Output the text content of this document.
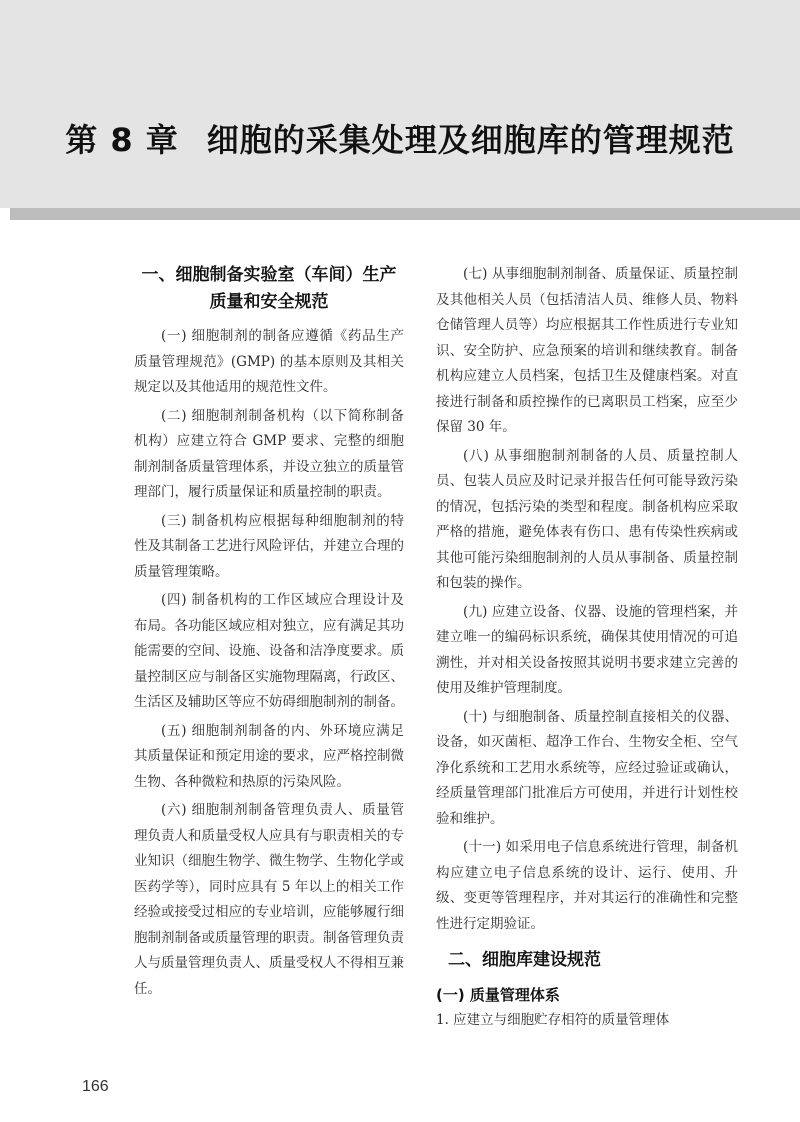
第 8 章 细胞的采集处理及细胞库的管理规范
一、细胞制备实验室（车间）生产质量和安全规范

(一) 细胞制剂的制备应遵循《药品生产质量管理规范》(GMP) 的基本原则及其相关规定以及其他适用的规范性文件。

(二) 细胞制剂制备机构（以下简称制备机构）应建立符合 GMP 要求、完整的细胞制剂制备质量管理体系，并设立独立的质量管理部门，履行质量保证和质量控制的职责。

(三) 制备机构应根据每种细胞制剂的特性及其制备工艺进行风险评估，并建立合理的质量管理策略。

(四) 制备机构的工作区域应合理设计及布局。各功能区域应相对独立，应有满足其功能需要的空间、设施、设备和洁净度要求。质量控制区应与制备区实施物理隔离，行政区、生活区及辅助区等应不妨碍细胞制剂的制备。

(五) 细胞制剂制备的内、外环境应满足其质量保证和预定用途的要求，应严格控制微生物、各种微粒和热原的污染风险。

(六) 细胞制剂制备管理负责人、质量管理负责人和质量受权人应具有与职责相关的专业知识（细胞生物学、微生物学、生物化学或医药学等），同时应具有 5 年以上的相关工作经验或接受过相应的专业培训，应能够履行细胞制剂制备或质量管理的职责。制备管理负责人与质量管理负责人、质量受权人不得相互兼任。

(七) 从事细胞制剂制备、质量保证、质量控制及其他相关人员（包括清洁人员、维修人员、物料仓储管理人员等）均应根据其工作性质进行专业知识、安全防护、应急预案的培训和继续教育。制备机构应建立人员档案，包括卫生及健康档案。对直接进行制备和质控操作的已离职员工档案，应至少保留 30 年。

(八) 从事细胞制剂制备的人员、质量控制人员、包装人员应及时记录并报告任何可能导致污染的情况，包括污染的类型和程度。制备机构应采取严格的措施，避免体表有伤口、患有传染性疾病或其他可能污染细胞制剂的人员从事制备、质量控制和包装的操作。

(九) 应建立设备、仪器、设施的管理档案，并建立唯一的编码标识系统，确保其使用情况的可追溯性，并对相关设备按照其说明书要求建立完善的使用及维护管理制度。

(十) 与细胞制备、质量控制直接相关的仪器、设备，如灭菌柜、超净工作台、生物安全柜、空气净化系统和工艺用水系统等，应经过验证或确认，经质量管理部门批准后方可使用，并进行计划性校验和维护。

(十一) 如采用电子信息系统进行管理，制备机构应建立电子信息系统的设计、运行、使用、升级、变更等管理程序，并对其运行的准确性和完整性进行定期验证。

二、细胞库建设规范
(一) 质量管理体系

1. 应建立与细胞贮存相符的质量管理体

166
